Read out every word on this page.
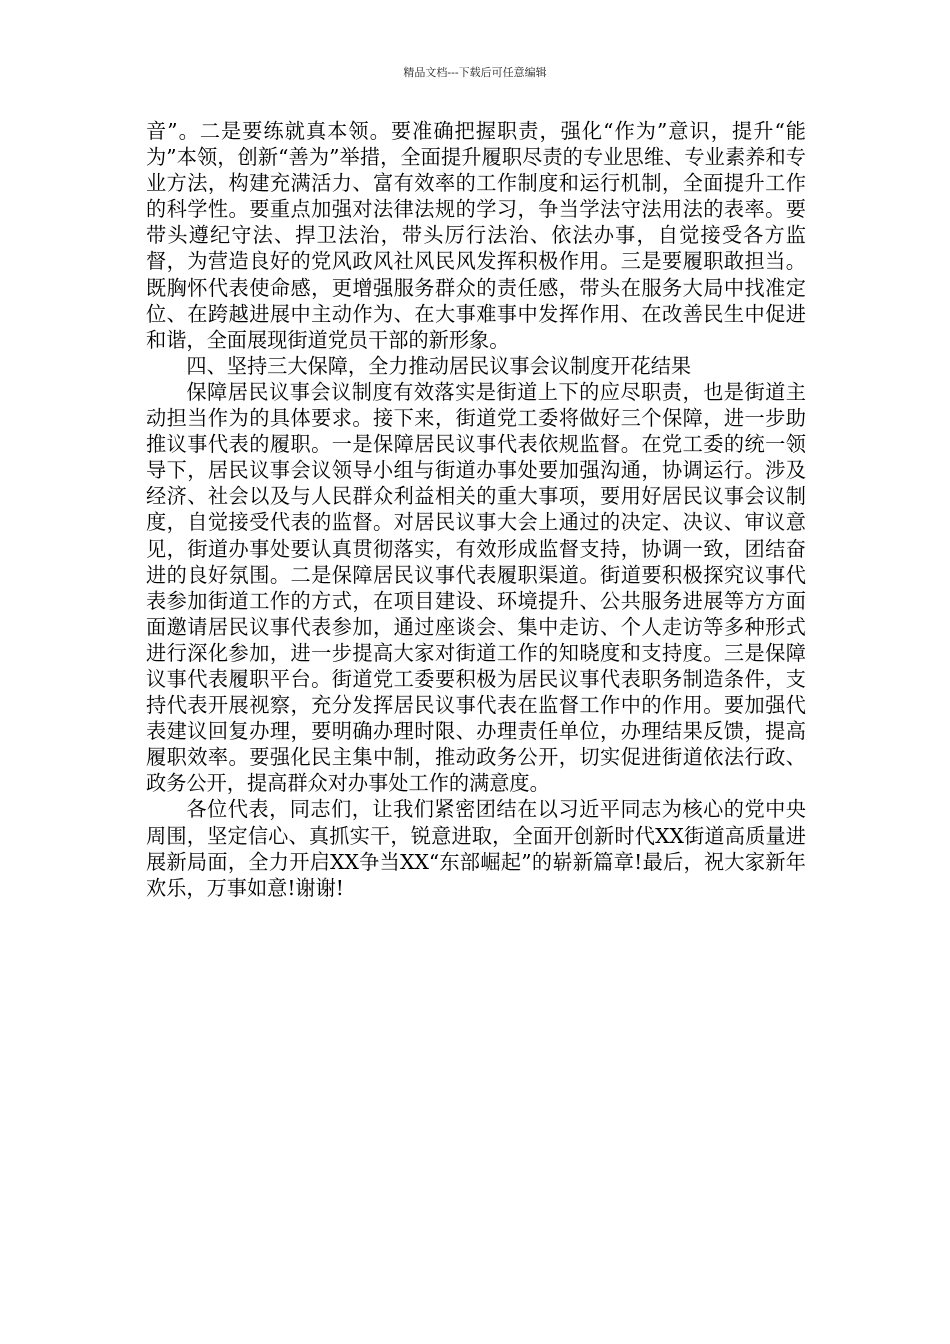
精品文档---下载后可任意编辑

音”。二是要练就真本领。要准确把握职责，强化“作为”意识，提升“能为”本领，创新“善为”举措，全面提升履职尽责的专业思维、专业素养和专业方法，构建充满活力、富有效率的工作制度和运行机制，全面提升工作的科学性。要重点加强对法律法规的学习，争当学法守法用法的表率。要带头遵纪守法、捍卫法治，带头厉行法治、依法办事，自觉接受各方监督，为营造良好的党风政风社风民风发挥积极作用。三是要履职敢担当。既胸怀代表使命感，更增强服务群众的责任感，带头在服务大局中找准定位、在跨越进展中主动作为、在大事难事中发挥作用、在改善民生中促进和谐，全面展现街道党员干部的新形象。

四、坚持三大保障，全力推动居民议事会议制度开花结果

保障居民议事会议制度有效落实是街道上下的应尽职责，也是街道主动担当作为的具体要求。接下来，街道党工委将做好三个保障，进一步助推议事代表的履职。一是保障居民议事代表依规监督。在党工委的统一领导下，居民议事会议领导小组与街道办事处要加强沟通，协调运行。涉及经济、社会以及与人民群众利益相关的重大事项，要用好居民议事会议制度，自觉接受代表的监督。对居民议事大会上通过的决定、决议、审议意见，街道办事处要认真贯彻落实，有效形成监督支持，协调一致，团结奋进的良好氛围。二是保障居民议事代表履职渠道。街道要积极探究议事代表参加街道工作的方式，在项目建设、环境提升、公共服务进展等方方面面邀请居民议事代表参加，通过座谈会、集中走访、个人走访等多种形式进行深化参加，进一步提高大家对街道工作的知晓度和支持度。三是保障议事代表履职平台。街道党工委要积极为居民议事代表职务制造条件，支持代表开展视察，充分发挥居民议事代表在监督工作中的作用。要加强代表建议回复办理，要明确办理时限、办理责任单位，办理结果反馈，提高履职效率。要强化民主集中制，推动政务公开，切实促进街道依法行政、政务公开，提高群众对办事处工作的满意度。

各位代表，同志们，让我们紧密团结在以习近平同志为核心的党中央周围，坚定信心、真抓实干，锐意进取，全面开创新时代XX街道高质量进展新局面，全力开启XX争当XX“东部崛起”的崭新篇章!最后，祝大家新年欢乐，万事如意!谢谢!
